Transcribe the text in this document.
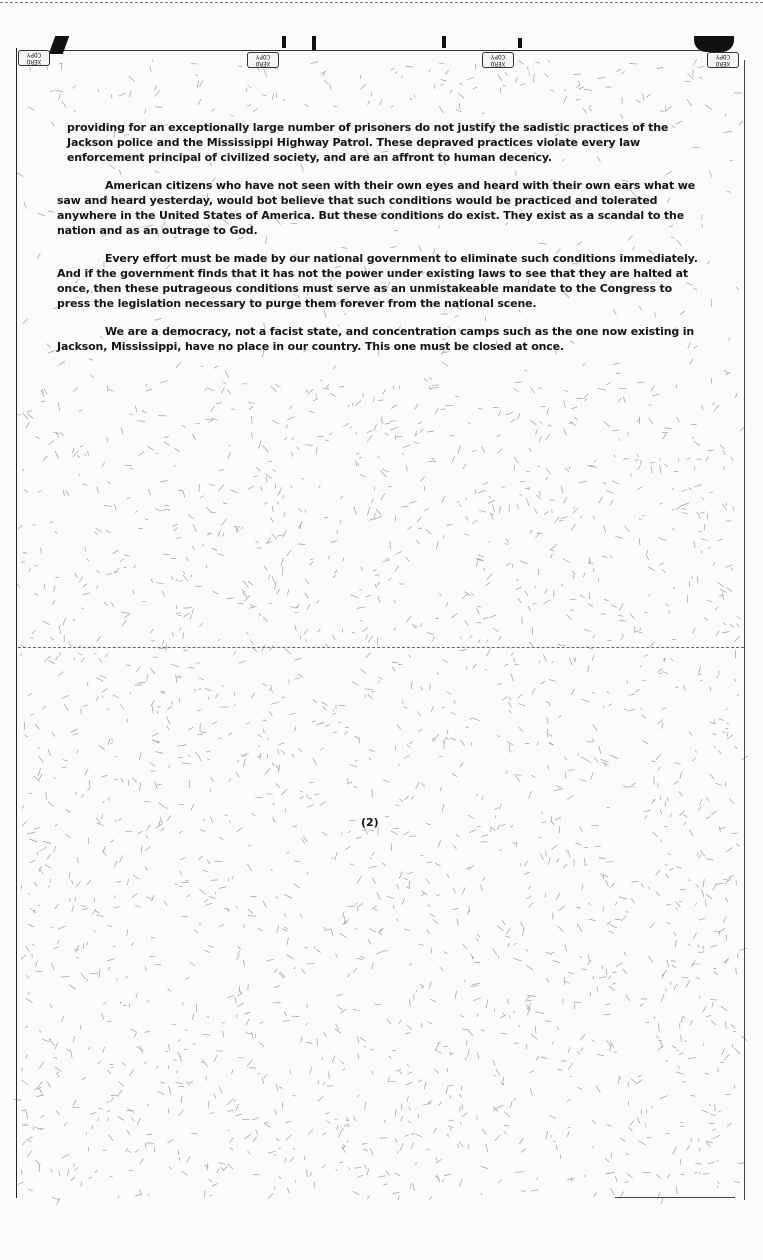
XERO COPY
XERO COPY
XERO COPY
XERO COPY

providing for an exceptionally large number of prisoners do not justify the sadistic practices of the Jackson police and the Mississippi Highway Patrol. These depraved practices violate every law enforcement principal of civilized society, and are an affront to human decency.

American citizens who have not seen with their own eyes and heard with their own ears what we saw and heard yesterday, would bot believe that such conditions would be practiced and tolerated anywhere in the United States of America. But these conditions do exist. They exist as a scandal to the nation and as an outrage to God.

Every effort must be made by our national government to eliminate such conditions immediately. And if the government finds that it has not the power under existing laws to see that they are halted at once, then these putrageous conditions must serve as an unmistakeable mandate to the Congress to press the legislation necessary to purge them forever from the national scene.

We are a democracy, not a facist state, and concentration camps such as the one now existing in Jackson, Mississippi, have no place in our country. This one must be closed at once.

(2)
